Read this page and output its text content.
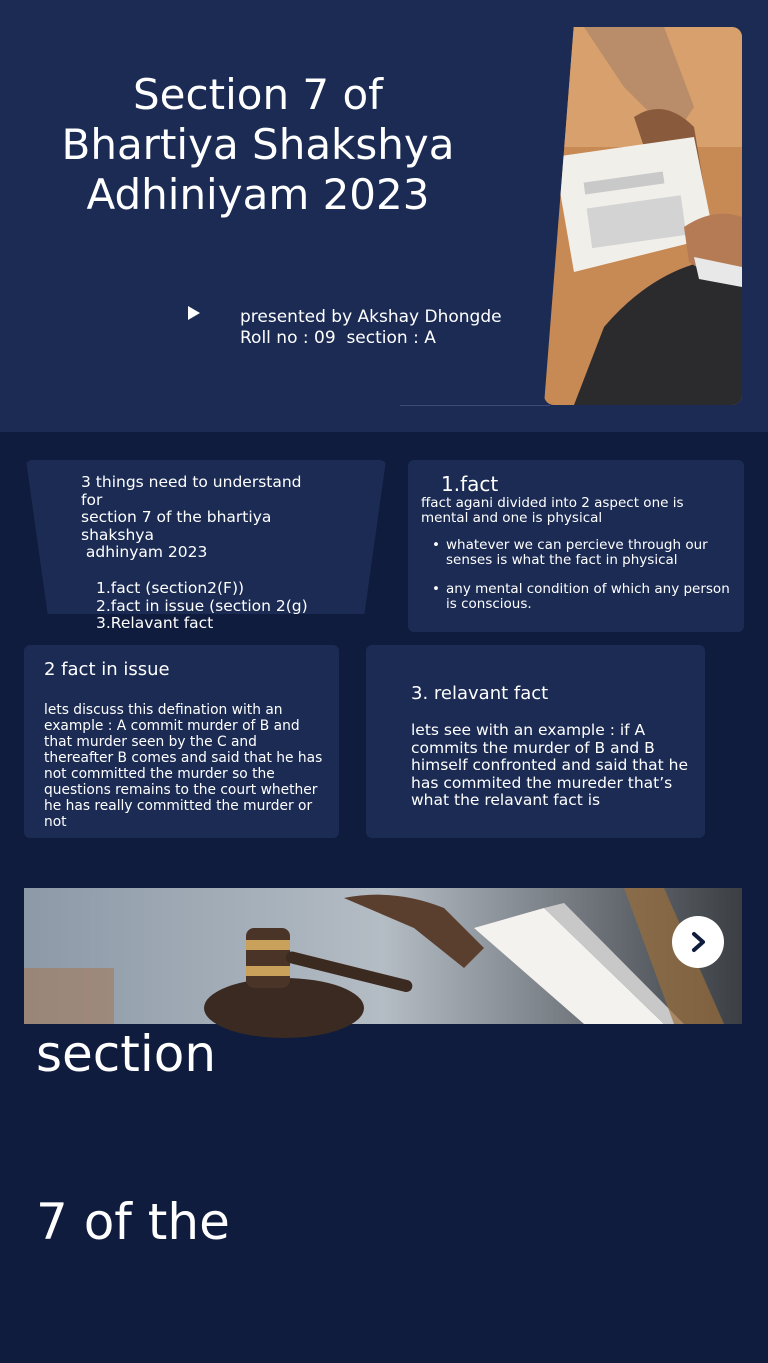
Section 7 of
Bhartiya Shakshya
Adhiniyam 2023
presented by Akshay Dhongde
Roll no : 09  section : A
3 things need to understand
for
section 7 of the bhartiya
shakshya
adhinyam 2023
1.fact (section2(F))
2.fact in issue (section 2(g)
3.Relavant fact
1.fact
ffact agani divided into 2 aspect one is mental and one is physical
• whatever we can percieve through our senses is what the fact in physical
• any mental condition of which any person is conscious.
2 fact in issue
lets discuss this defination with an example : A commit murder of B and that murder seen by the C and thereafter B comes and said that he has not committed the murder so the questions remains to the court whether he has really committed the murder or not
3. relavant fact
lets see with an example : if A commits the murder of B and B himself confronted and said that he has commited the mureder that’s what the relavant fact is

section

7 of the
